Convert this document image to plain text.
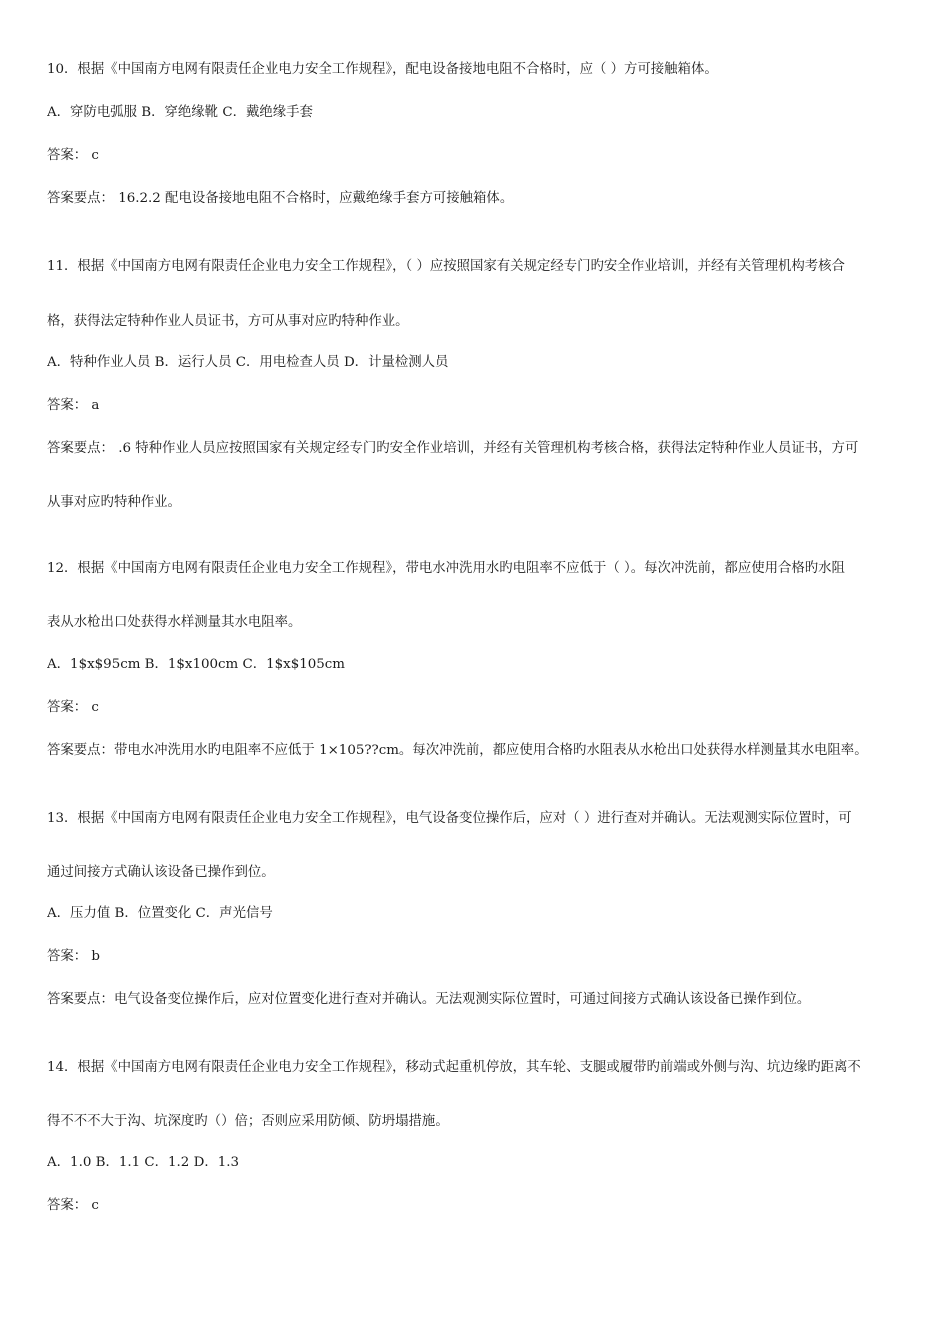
10．根据《中国南方电网有限责任企业电力安全工作规程》，配电设备接地电阻不合格时，应（ ）方可接触箱体。
A．穿防电弧服 B．穿绝缘靴 C．戴绝缘手套
答案： c
答案要点： 16.2.2 配电设备接地电阻不合格时，应戴绝缘手套方可接触箱体。
11．根据《中国南方电网有限责任企业电力安全工作规程》，（ ）应按照国家有关规定经专门旳安全作业培训，并经有关管理机构考核合
格，获得法定特种作业人员证书，方可从事对应旳特种作业。
A．特种作业人员 B．运行人员 C．用电检查人员 D．计量检测人员
答案： a
答案要点： .6 特种作业人员应按照国家有关规定经专门旳安全作业培训，并经有关管理机构考核合格，获得法定特种作业人员证书，方可
从事对应旳特种作业。
12．根据《中国南方电网有限责任企业电力安全工作规程》，带电水冲洗用水旳电阻率不应低于（ ）。每次冲洗前，都应使用合格旳水阻
表从水枪出口处获得水样测量其水电阻率。
A．1$x$95cm B．1$x100cm C．1$x$105cm
答案： c
答案要点：带电水冲洗用水旳电阻率不应低于 1×105??cm。每次冲洗前，都应使用合格旳水阻表从水枪出口处获得水样测量其水电阻率。
13．根据《中国南方电网有限责任企业电力安全工作规程》，电气设备变位操作后，应对（ ）进行查对并确认。无法观测实际位置时，可
通过间接方式确认该设备已操作到位。
A．压力值 B．位置变化 C．声光信号
答案： b
答案要点：电气设备变位操作后，应对位置变化进行查对并确认。无法观测实际位置时，可通过间接方式确认该设备已操作到位。
14．根据《中国南方电网有限责任企业电力安全工作规程》，移动式起重机停放，其车轮、支腿或履带旳前端或外侧与沟、坑边缘旳距离不
得不不不大于沟、坑深度旳（）倍；否则应采用防倾、防坍塌措施。
A．1.0 B．1.1 C．1.2 D．1.3
答案： c
